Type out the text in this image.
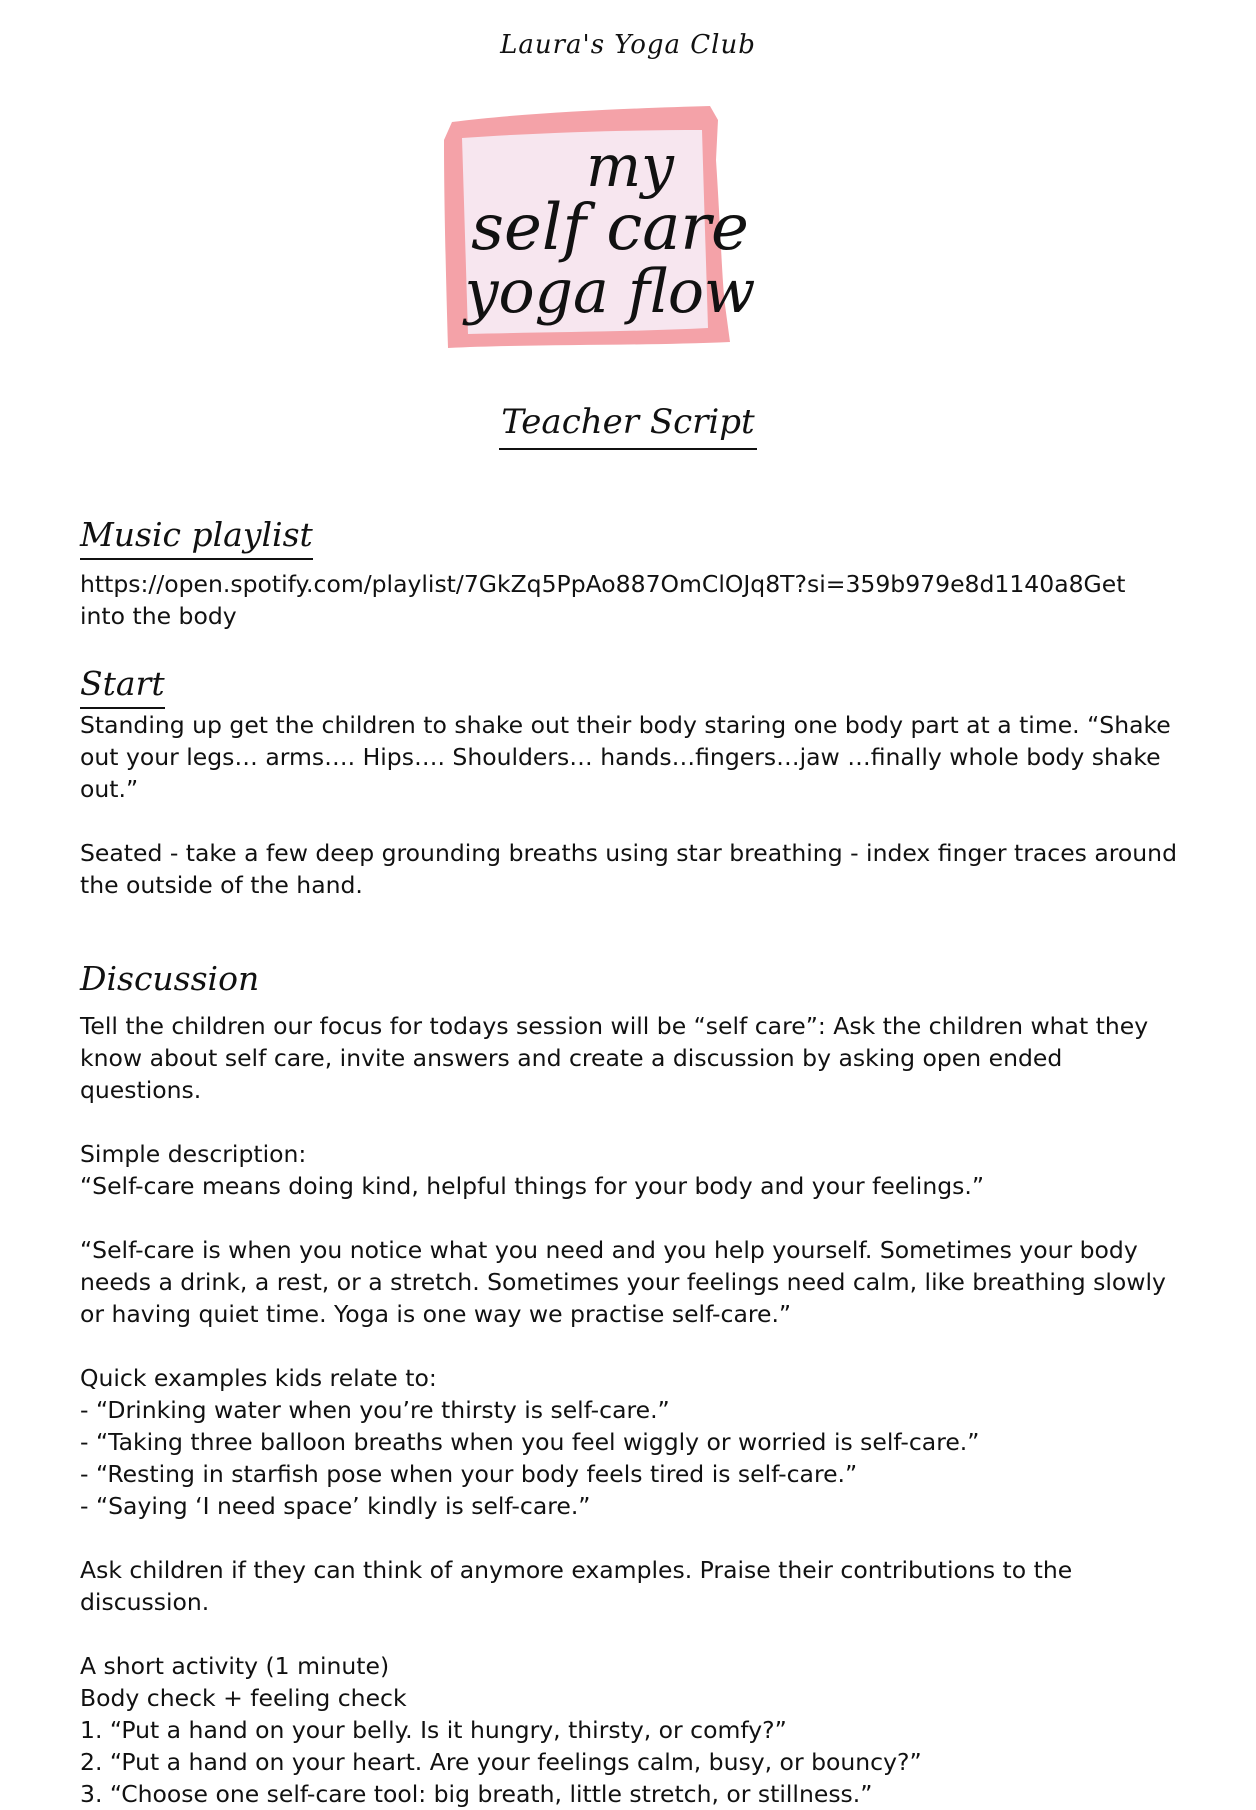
Laura's Yoga Club
my
self care
yoga flow
Teacher Script
Music playlist

https://open.spotify.com/playlist/7GkZq5PpAo887OmClOJq8T?si=359b979e8d1140a8Get
into the body

Start

Standing up get the children to shake out their body staring one body part at a time. “Shake out your legs… arms…. Hips…. Shoulders… hands…fingers…jaw …finally whole body shake out.”

Seated - take a few deep grounding breaths using star breathing - index finger traces around the outside of the hand.

Discussion

Tell the children our focus for todays session will be “self care”: Ask the children what they know about self care, invite answers and create a discussion by asking open ended questions.

Simple description:

“Self-care means doing kind, helpful things for your body and your feelings.”

“Self-care is when you notice what you need and you help yourself. Sometimes your body needs a drink, a rest, or a stretch. Sometimes your feelings need calm, like breathing slowly or having quiet time. Yoga is one way we practise self-care.”

Quick examples kids relate to:

- “Drinking water when you’re thirsty is self-care.”

- “Taking three balloon breaths when you feel wiggly or worried is self-care.”

- “Resting in starfish pose when your body feels tired is self-care.”

- “Saying ‘I need space’ kindly is self-care.”

Ask children if they can think of anymore examples. Praise their contributions to the discussion.

A short activity (1 minute)

Body check + feeling check

1. “Put a hand on your belly. Is it hungry, thirsty, or comfy?”

2. “Put a hand on your heart. Are your feelings calm, busy, or bouncy?”

3. “Choose one self-care tool: big breath, little stretch, or stillness.”
